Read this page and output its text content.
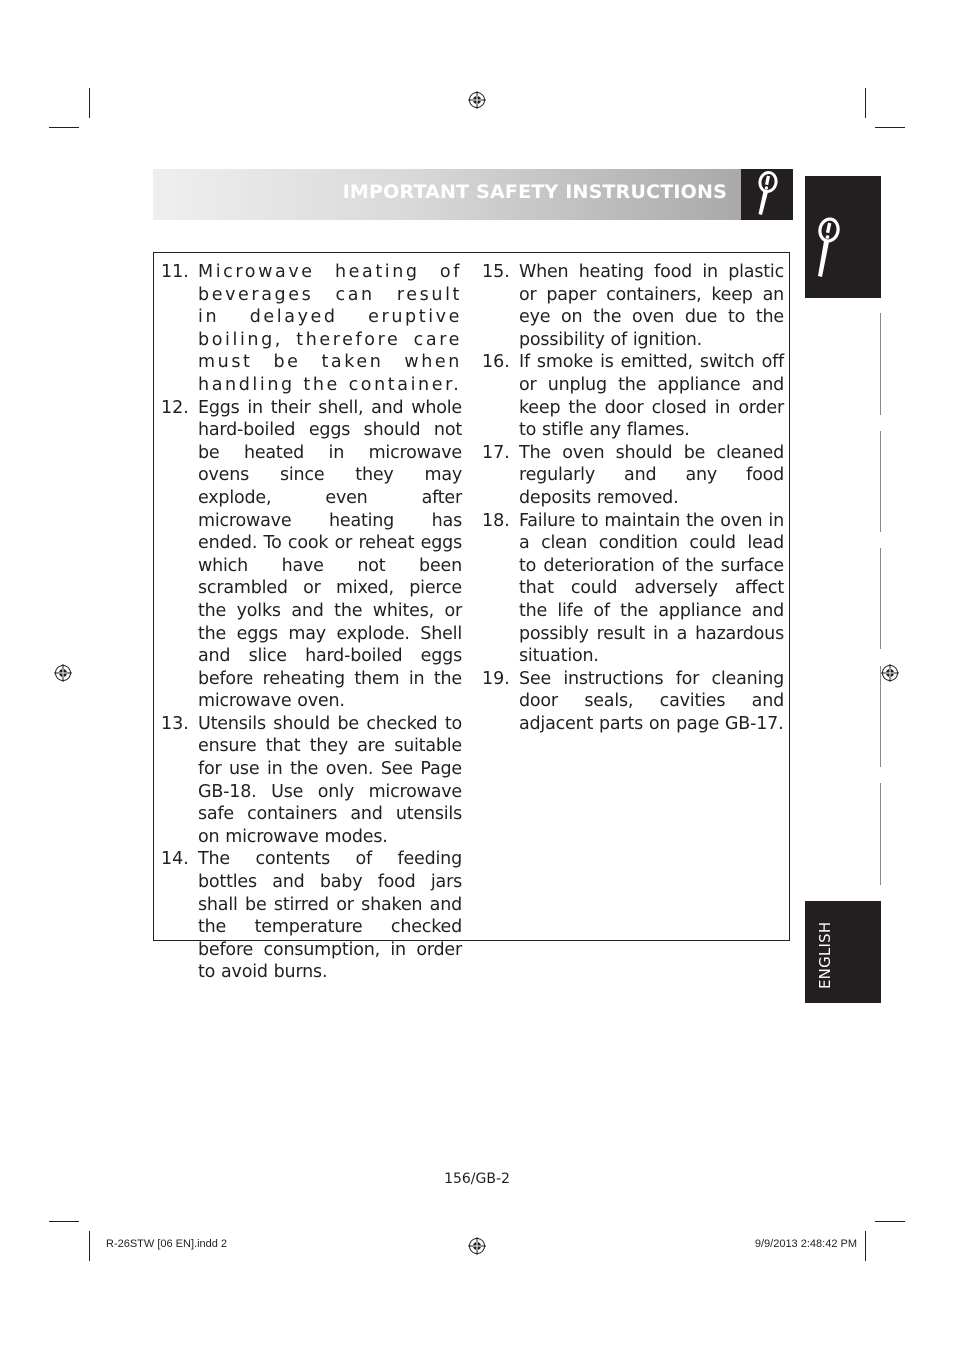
IMPORTANT SAFETY INSTRUCTIONS
ENGLISH
11. Microwave heating of beverages can result in delayed eruptive boiling, therefore care must be taken when handling the container.
12. Eggs in their shell, and whole hard-boiled eggs should not be heated in microwave ovens since they may explode, even after microwave heating has ended. To cook or reheat eggs which have not been scrambled or mixed, pierce the yolks and the whites, or the eggs may explode. Shell and slice hard-boiled eggs before reheating them in the microwave oven.
13. Utensils should be checked to ensure that they are suitable for use in the oven. See Page GB-18. Use only microwave safe containers and utensils on microwave modes.
14. The contents of feeding bottles and baby food jars shall be stirred or shaken and the temperature checked before consumption, in order to avoid burns.
15. When heating food in plastic or paper containers, keep an eye on the oven due to the possibility of ignition.
16. If smoke is emitted, switch off or unplug the appliance and keep the door closed in order to stifle any flames.
17. The oven should be cleaned regularly and any food deposits removed.
18. Failure to maintain the oven in a clean condition could lead to deterioration of the surface that could adversely affect the life of the appliance and possibly result in a hazardous situation.
19. See instructions for cleaning door seals, cavities and adjacent parts on page GB-17.
156/GB-2
R-26STW [06 EN].indd 2	9/9/2013 2:48:42 PM
